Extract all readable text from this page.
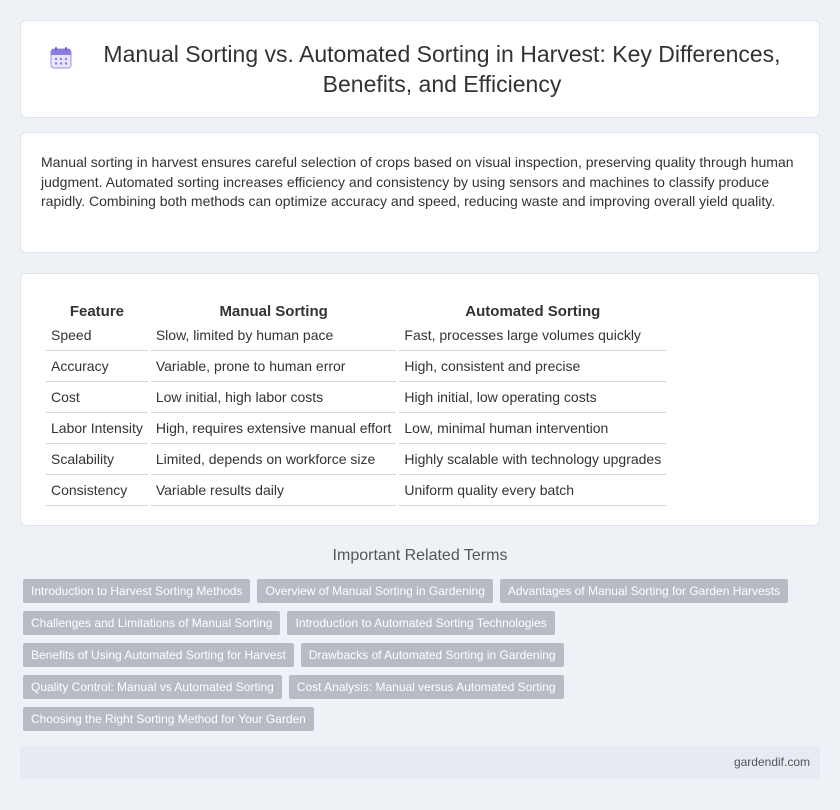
Manual Sorting vs. Automated Sorting in Harvest: Key Differences, Benefits, and Efficiency

Manual sorting in harvest ensures careful selection of crops based on visual inspection, preserving quality through human judgment. Automated sorting increases efficiency and consistency by using sensors and machines to classify produce rapidly. Combining both methods can optimize accuracy and speed, reducing waste and improving overall yield quality.

Feature	Manual Sorting	Automated Sorting
Speed	Slow, limited by human pace	Fast, processes large volumes quickly
Accuracy	Variable, prone to human error	High, consistent and precise
Cost	Low initial, high labor costs	High initial, low operating costs
Labor Intensity	High, requires extensive manual effort	Low, minimal human intervention
Scalability	Limited, depends on workforce size	Highly scalable with technology upgrades
Consistency	Variable results daily	Uniform quality every batch
Important Related Terms
Introduction to Harvest Sorting Methods	Overview of Manual Sorting in Gardening	Advantages of Manual Sorting for Garden Harvests
Challenges and Limitations of Manual Sorting	Introduction to Automated Sorting Technologies
Benefits of Using Automated Sorting for Harvest	Drawbacks of Automated Sorting in Gardening
Quality Control: Manual vs Automated Sorting	Cost Analysis: Manual versus Automated Sorting
Choosing the Right Sorting Method for Your Garden
gardendif.com
